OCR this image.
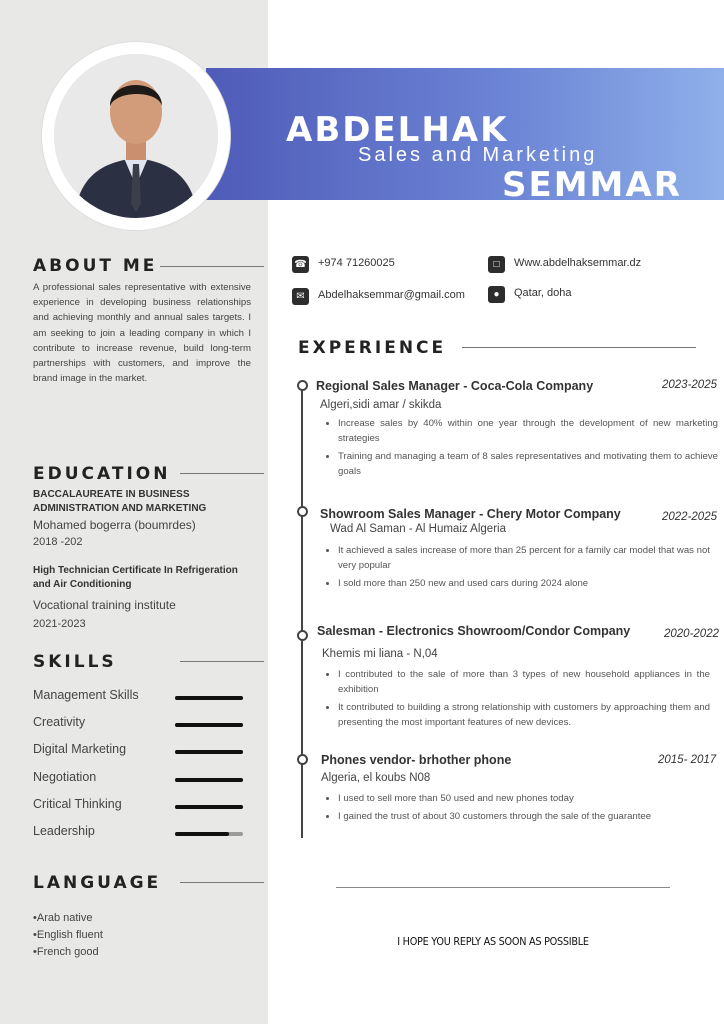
ABDELHAK
Sales and Marketing
SEMMAR
ABOUT ME

A professional sales representative with extensive experience in developing business relationships and achieving monthly and annual sales targets. I am seeking to join a leading company in which I contribute to increase revenue, build long-term partnerships with customers, and improve the brand image in the market.

EDUCATION
BACCALAUREATE IN BUSINESS ADMINISTRATION AND MARKETING
Mohamed bogerra (boumrdes)
2018 -202
High Technician Certificate In Refrigeration and Air Conditioning
Vocational training institute
2021-2023
SKILLS
Management Skills
Creativity
Digital Marketing
Negotiation
Critical Thinking
Leadership
LANGUAGE
•Arab native
•English fluent
•French good
☎ +974 71260025	□	Www.abdelhaksemmar.dz
✉	Abdelhaksemmar@gmail.com	●	Qatar, doha
EXPERIENCE
Regional Sales Manager - Coca-Cola Company	2023-2025
Algeri,sidi amar / skikda
• Increase sales by 40% within one year through the development of new marketing strategies
• Training and managing a team of 8 sales representatives and motivating them to achieve goals
Showroom Sales Manager - Chery Motor Company	2022-2025
Wad Al Saman - Al Humaiz Algeria
• It achieved a sales increase of more than 25 percent for a family car model that was not very popular
• I sold more than 250 new and used cars during 2024 alone
Salesman - Electronics Showroom/Condor Company	2020-2022
Khemis mi liana - N,04
• I contributed to the sale of more than 3 types of new household appliances in the exhibition
• It contributed to building a strong relationship with customers by approaching them and presenting the most important features of new devices.
Phones vendor- brhother phone	2015- 2017
Algeria, el koubs N08
• I used to sell more than 50 used and new phones today
• I gained the trust of about 30 customers through the sale of the guarantee
I HOPE YOU REPLY AS SOON AS POSSIBLE
